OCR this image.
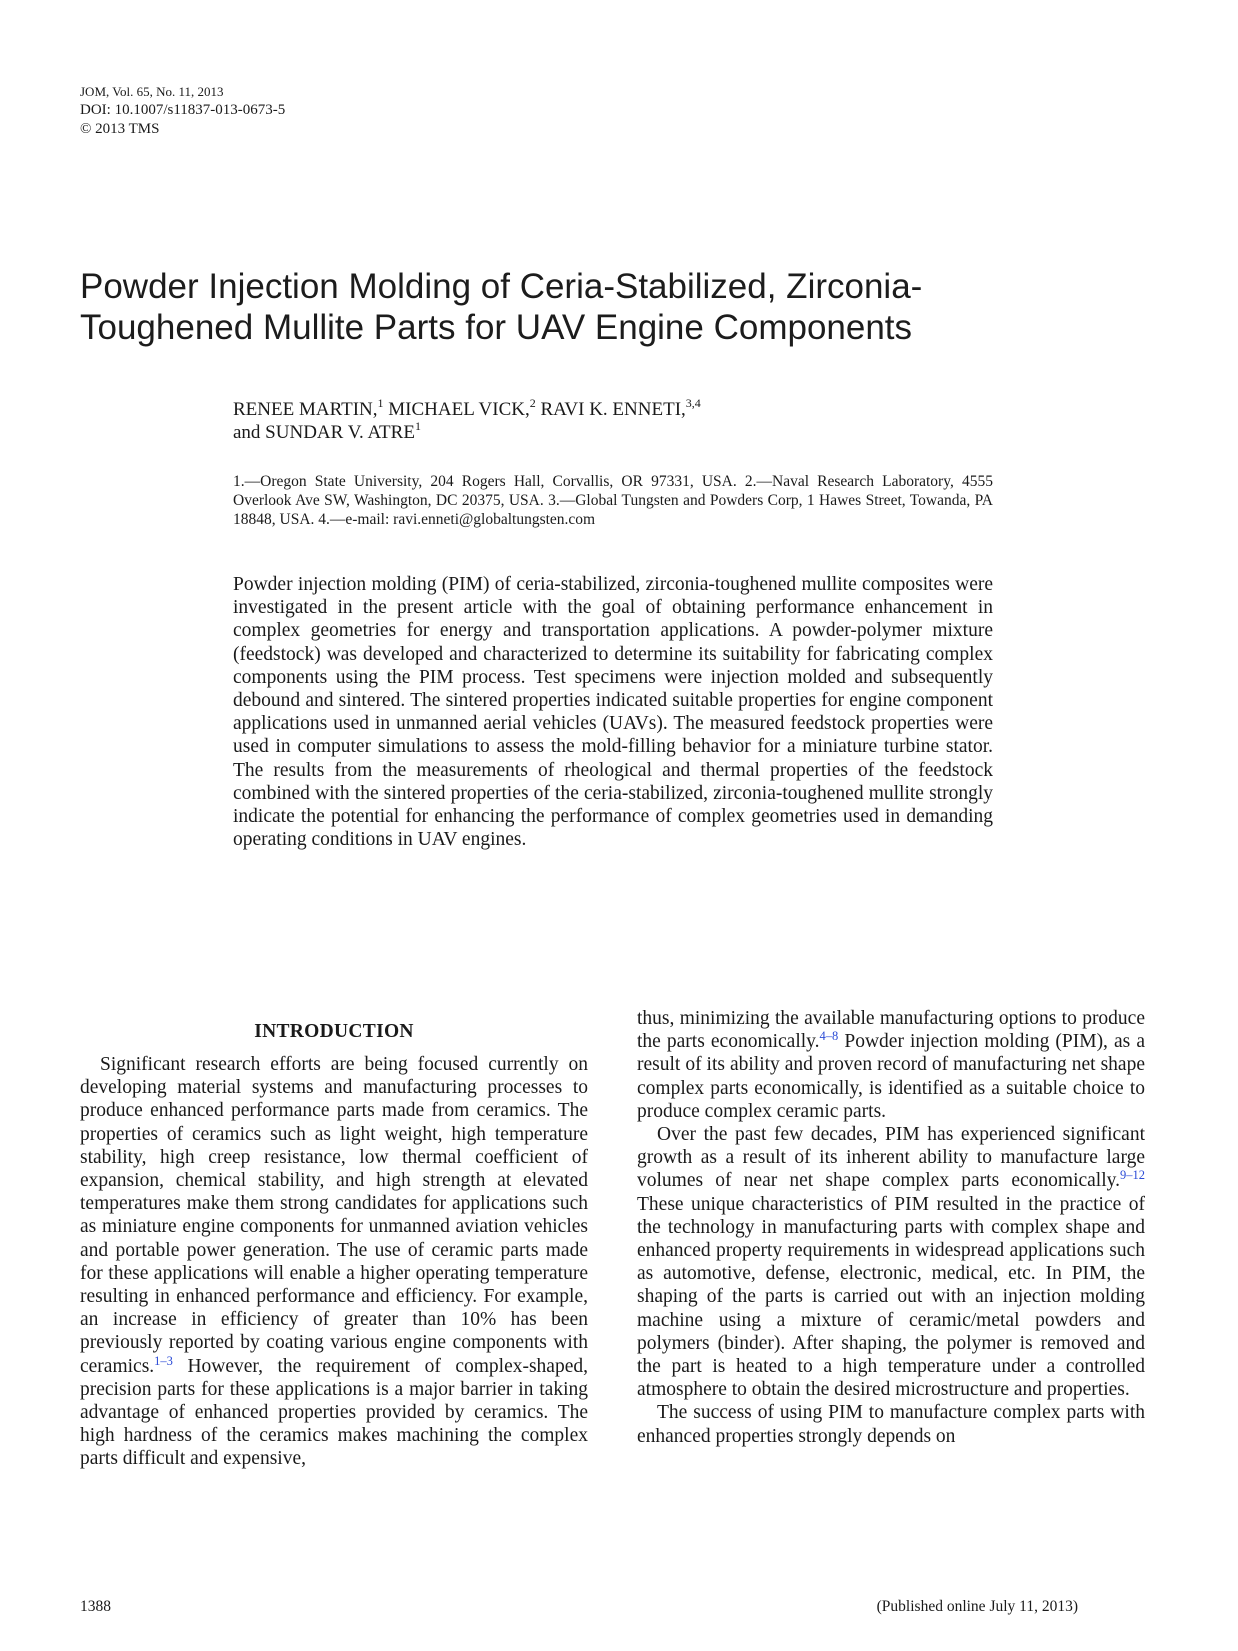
JOM, Vol. 65, No. 11, 2013
DOI: 10.1007/s11837-013-0673-5
© 2013 TMS
Powder Injection Molding of Ceria-Stabilized, Zirconia-Toughened Mullite Parts for UAV Engine Components
RENEE MARTIN,$^1$ MICHAEL VICK,$^2$ RAVI K. ENNETI,$^{3,4}$
and SUNDAR V. ATRE$^1$
1.—Oregon State University, 204 Rogers Hall, Corvallis, OR 97331, USA. 2.—Naval Research Laboratory, 4555 Overlook Ave SW, Washington, DC 20375, USA. 3.—Global Tungsten and Powders Corp, 1 Hawes Street, Towanda, PA 18848, USA. 4.—e-mail: ravi.enneti@globaltungsten.com
Powder injection molding (PIM) of ceria-stabilized, zirconia-toughened mullite composites were investigated in the present article with the goal of obtaining performance enhancement in complex geometries for energy and transportation applications. A powder-polymer mixture (feedstock) was developed and characterized to determine its suitability for fabricating complex components using the PIM process. Test specimens were injection molded and subsequently debound and sintered. The sintered properties indicated suitable properties for engine component applications used in unmanned aerial vehicles (UAVs). The measured feedstock properties were used in computer simulations to assess the mold-filling behavior for a miniature turbine stator. The results from the measurements of rheological and thermal properties of the feedstock combined with the sintered properties of the ceria-stabilized, zirconia-toughened mullite strongly indicate the potential for enhancing the performance of complex geometries used in demanding operating conditions in UAV engines.
INTRODUCTION

Significant research efforts are being focused currently on developing material systems and manufacturing processes to produce enhanced performance parts made from ceramics. The properties of ceramics such as light weight, high temperature stability, high creep resistance, low thermal coefficient of expansion, chemical stability, and high strength at elevated temperatures make them strong candidates for applications such as miniature engine components for unmanned aviation vehicles and portable power generation. The use of ceramic parts made for these applications will enable a higher operating temperature resulting in enhanced performance and efficiency. For example, an increase in efficiency of greater than 10% has been previously reported by coating various engine components with ceramics.$^{1-3}$ However, the requirement of complex-shaped, precision parts for these applications is a major barrier in taking advantage of enhanced properties provided by ceramics. The high hardness of the ceramics makes machining the complex parts difficult and expensive,

thus, minimizing the available manufacturing options to produce the parts economically.$^{4-8}$ Powder injection molding (PIM), as a result of its ability and proven record of manufacturing net shape complex parts economically, is identified as a suitable choice to produce complex ceramic parts.

Over the past few decades, PIM has experienced significant growth as a result of its inherent ability to manufacture large volumes of near net shape complex parts economically.$^{9-12}$ These unique characteristics of PIM resulted in the practice of the technology in manufacturing parts with complex shape and enhanced property requirements in widespread applications such as automotive, defense, electronic, medical, etc. In PIM, the shaping of the parts is carried out with an injection molding machine using a mixture of ceramic/metal powders and polymers (binder). After shaping, the polymer is removed and the part is heated to a high temperature under a controlled atmosphere to obtain the desired microstructure and properties.

The success of using PIM to manufacture complex parts with enhanced properties strongly depends on

1388	(Published online July 11, 2013)
